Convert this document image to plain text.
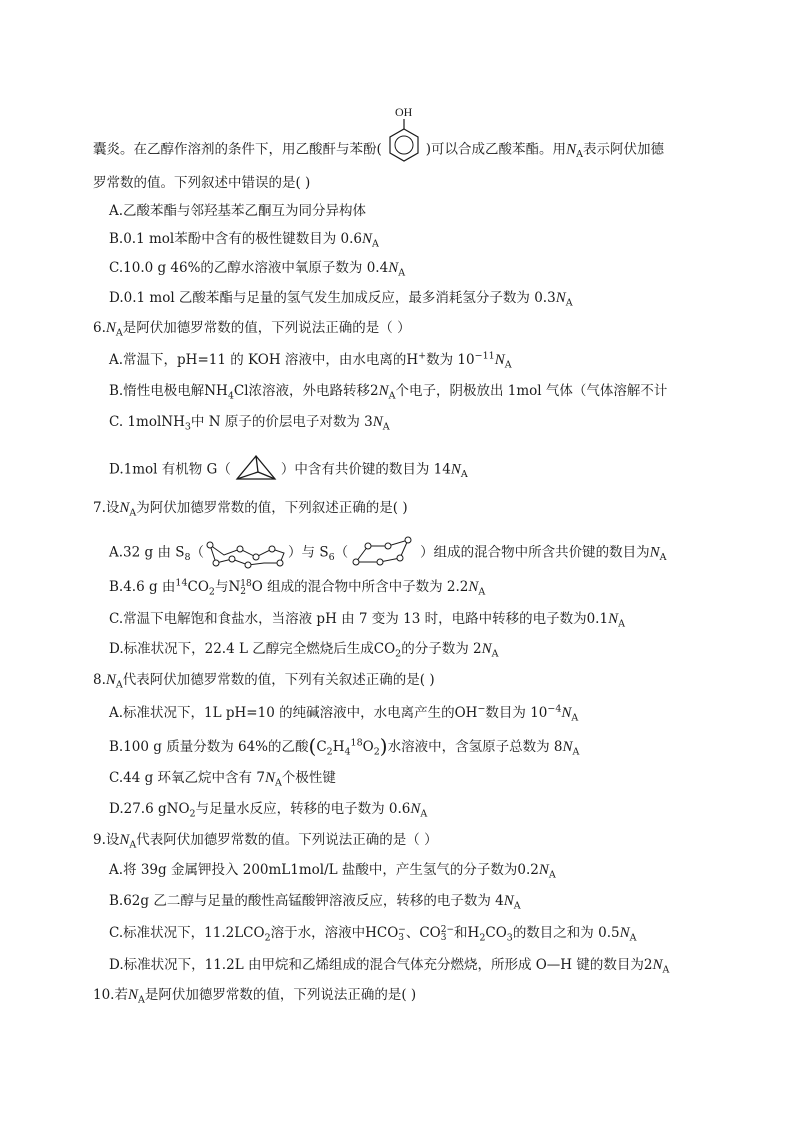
囊炎。在乙醇作溶剂的条件下，用乙酸酐与苯酚(
OH
)可以合成乙酸苯酯。用$N_A$表示阿伏加德
罗常数的值。下列叙述中错误的是( )
A.乙酸苯酯与邻羟基苯乙酮互为同分异构体
B.0.1 mol苯酚中含有的极性键数目为 $0.6N_A$
C.10.0 g 46%的乙醇水溶液中氧原子数为 $0.4N_A$
D.0.1 mol 乙酸苯酯与足量的氢气发生加成反应，最多消耗氢分子数为 $0.3N_A$
$6.N_A$是阿伏加德罗常数的值，下列说法正确的是（ ）
A.常温下，pH=11 的 KOH 溶液中，由水电离的H+数为 $10^{-11}N_A$
B.惰性电极电解$NH_4Cl$浓溶液，外电路转移$2N_A$个电子，阴极放出 1mol 气体（气体溶解不计
C. 1molNH$_3$中 N 原子的价层电子对数为 $3N_A$
D.1mol 有机物 G（	）中含有共价键的数目为 $14N_A$
7.设$N_A$为阿伏加德罗常数的值，下列叙述正确的是( )
A.32 g 由 $S_8$（	）与 $S_6$（	）组成的混合物中所含共价键的数目为$N_A$
B.4.6 g 由$^{14}CO_2$与N 18
2 O 组成的混合物中所含中子数为 $2.2N_A$
C.常温下电解饱和食盐水，当溶液 pH 由 7 变为 13 时，电路中转移的电子数为$0.1N_A$
D.标准状况下，22.4 L 乙醇完全燃烧后生成$CO_2$的分子数为 $2N_A$
$8.N_A$代表阿伏加德罗常数的值，下列有关叙述正确的是( )
A.标准状况下，1L pH=10 的纯碱溶液中，水电离产生的OH−数目为 $10^{-4}N_A$
B.100 g 质量分数为 64%的乙酸$(C_2H_4^{18}O_2)$水溶液中，含氢原子总数为 $8N_A$
C.44 g 环氧乙烷中含有 $7N_A$个极性键
D.27.6 gNO$_2$与足量水反应，转移的电子数为 $0.6N_A$
9.设$N_A$代表阿伏加德罗常数的值。下列说法正确的是（ ）
A.将 39g 金属钾投入 200mL1mol/L 盐酸中，产生氢气的分子数为$0.2N_A$
B.62g 乙二醇与足量的酸性高锰酸钾溶液反应，转移的电子数为 $4N_A$
C.标准状况下，$11.2LCO_2$溶于水，溶液中HCO −
3 、CO 2−
3 和$H_2CO_3$的数目之和为 $0.5N_A$
D.标准状况下，11.2L 由甲烷和乙烯组成的混合气体充分燃烧，所形成 O—H 键的数目为$2N_A$
10.若$N_A$是阿伏加德罗常数的值，下列说法正确的是( )
